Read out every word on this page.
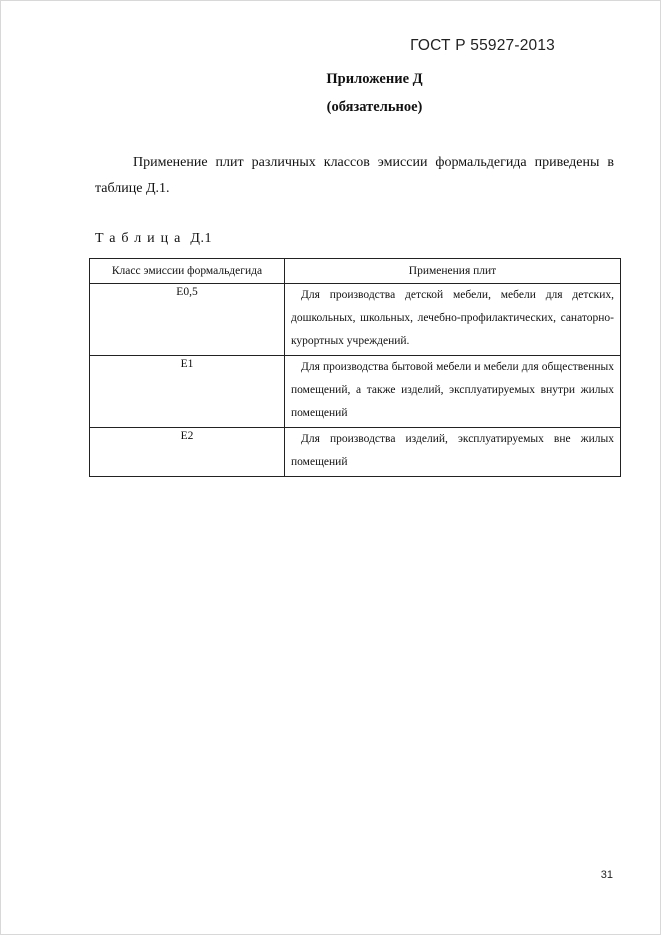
ГОСТ Р 55927-2013
Приложение Д
(обязательное)

Применение плит различных классов эмиссии формальдегида приведены в таблице Д.1.

Таблица Д.1
Класс эмиссии формальдегида	Применения плит
Е0,5	Для производства детской мебели, мебели для детских, дошкольных, школьных, лечебно-профилактических, санаторно-курортных учреждений.
Е1	Для производства бытовой мебели и мебели для общественных помещений, а также изделий, эксплуатируемых внутри жилых помещений
Е2	Для производства изделий, эксплуатируемых вне жилых помещений
31
